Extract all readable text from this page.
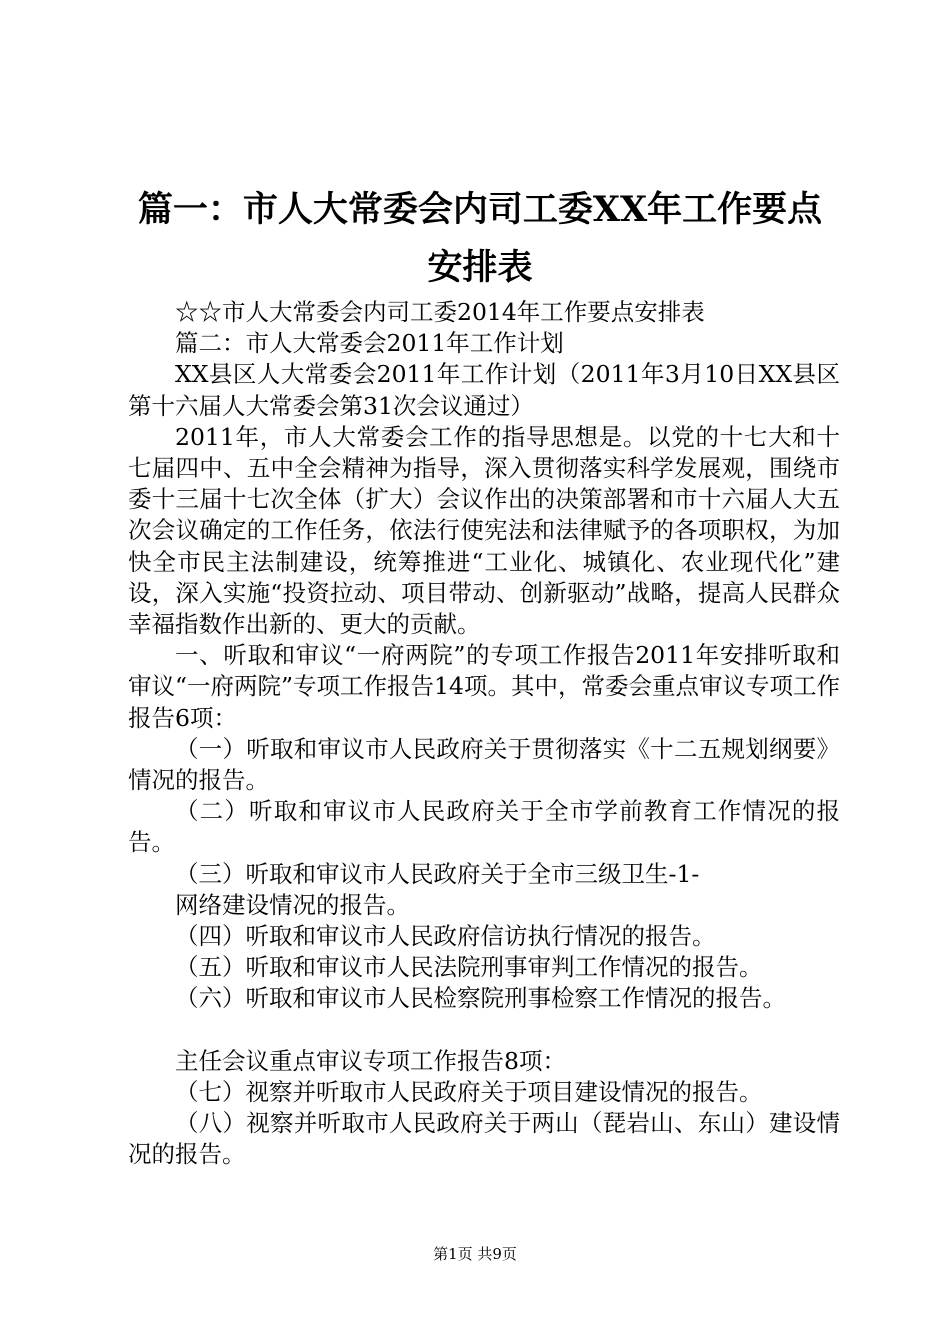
篇一：市人大常委会内司工委XX年工作要点
安排表

☆☆市人大常委会内司工委2014年工作要点安排表

篇二：市人大常委会2011年工作计划

XX县区人大常委会2011年工作计划（2011年3月10日XX县区第十六届人大常委会第31次会议通过）

2011年，市人大常委会工作的指导思想是。以党的十七大和十七届四中、五中全会精神为指导，深入贯彻落实科学发展观，围绕市委十三届十七次全体（扩大）会议作出的决策部署和市十六届人大五次会议确定的工作任务，依法行使宪法和法律赋予的各项职权，为加快全市民主法制建设，统筹推进“工业化、城镇化、农业现代化”建设，深入实施“投资拉动、项目带动、创新驱动”战略，提高人民群众幸福指数作出新的、更大的贡献。

一、听取和审议“一府两院”的专项工作报告2011年安排听取和审议“一府两院”专项工作报告14项。其中，常委会重点审议专项工作报告6项：

（一）听取和审议市人民政府关于贯彻落实《十二五规划纲要》情况的报告。

（二）听取和审议市人民政府关于全市学前教育工作情况的报告。

（三）听取和审议市人民政府关于全市三级卫生-1-

网络建设情况的报告。

（四）听取和审议市人民政府信访执行情况的报告。

（五）听取和审议市人民法院刑事审判工作情况的报告。

（六）听取和审议市人民检察院刑事检察工作情况的报告。

主任会议重点审议专项工作报告8项：

（七）视察并听取市人民政府关于项目建设情况的报告。

（八）视察并听取市人民政府关于两山（琵岩山、东山）建设情况的报告。

第1页 共9页
